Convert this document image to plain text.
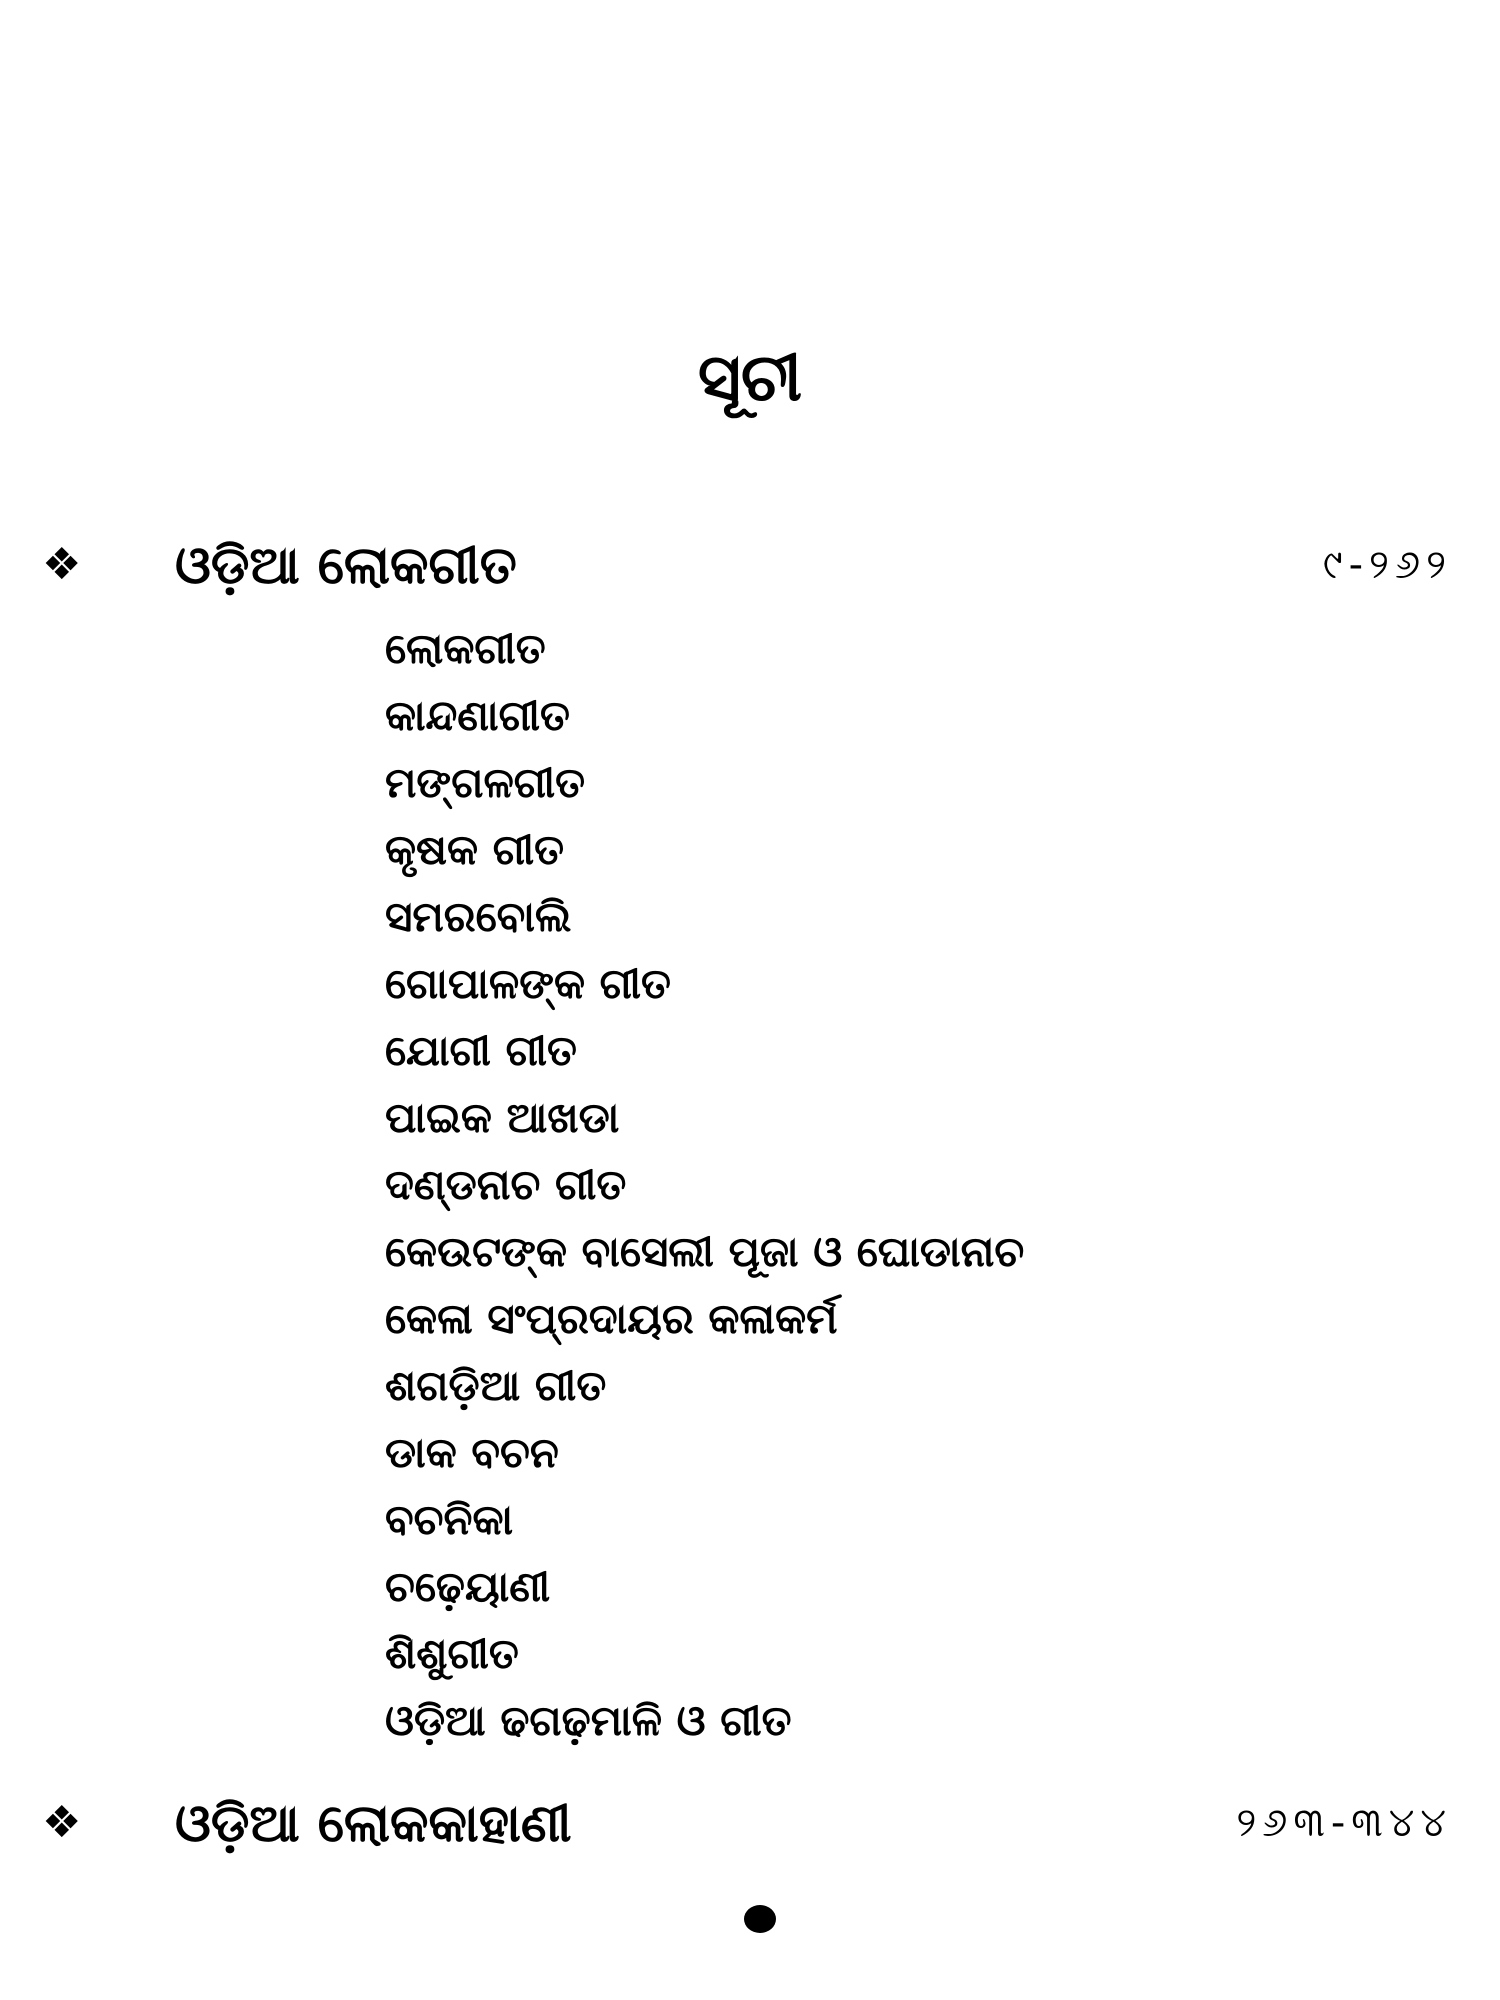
ସୂଚୀ
❖ ଓଡ଼ିଆ ଲୋକଗୀତ	୯-୨୬୨
ଲୋକଗୀତ
କାନ୍ଦଣାଗୀତ
ମଙ୍ଗଳଗୀତ
କୃଷକ ଗୀତ
ସମରବୋଲି
ଗୋପାଳଙ୍କ ଗୀତ
ଯୋଗୀ ଗୀତ
ପାଇକ ଆଖଡା
ଦଣ୍ଡନାଚ ଗୀତ
କେଉଟଙ୍କ ବାସେଲୀ ପୂଜା ଓ ଘୋଡାନାଚ
କେଳା ସଂପ୍ରଦାୟର କଳାକର୍ମ
ଶଗଡ଼ିଆ ଗୀତ
ଡାକ ବଚନ
ବଚନିକା
ଚଢ଼େୟାଣୀ
ଶିଶୁଗୀତ
ଓଡ଼ିଆ ଢଗଢ଼ମାଳି ଓ ଗୀତ
❖ ଓଡ଼ିଆ ଲୋକକାହାଣୀ	୨୬୩-୩୪୪
